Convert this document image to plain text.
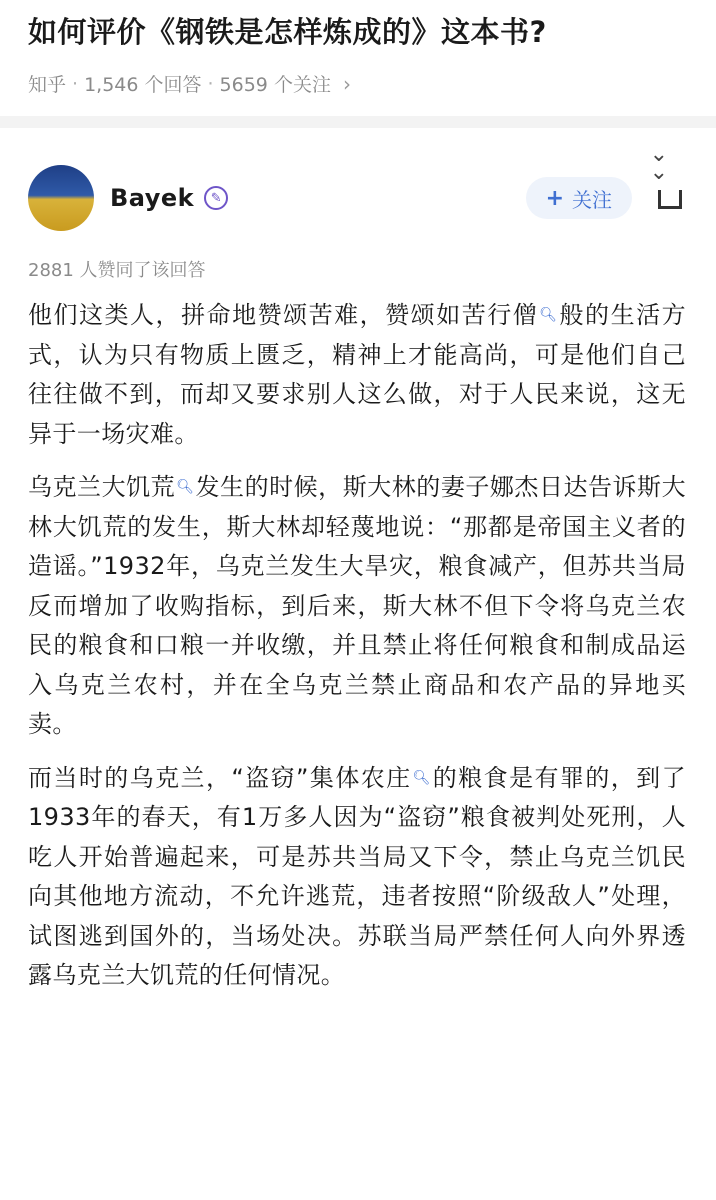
如何评价《钢铁是怎样炼成的》这本书?
知乎 · 1,546 个回答 · 5659 个关注 ›
⌄
⌄
Bayek	✎	+ 关注
2881 人赞同了该回答

他们这类人，拼命地赞颂苦难，赞颂如苦行僧🔍︎般的生活方式，认为只有物质上匮乏，精神上才能高尚，可是他们自己往往做不到，而却又要求别人这么做，对于人民来说，这无异于一场灾难。

乌克兰大饥荒🔍︎发生的时候，斯大林的妻子娜杰日达告诉斯大林大饥荒的发生，斯大林却轻蔑地说：“那都是帝国主义者的造谣。”1932年，乌克兰发生大旱灾，粮食减产，但苏共当局反而增加了收购指标，到后来，斯大林不但下令将乌克兰农民的粮食和口粮一并收缴，并且禁止将任何粮食和制成品运入乌克兰农村，并在全乌克兰禁止商品和农产品的异地买卖。

而当时的乌克兰，“盗窃”集体农庄🔍︎的粮食是有罪的，到了1933年的春天，有1万多人因为“盗窃”粮食被判处死刑，人吃人开始普遍起来，可是苏共当局又下令，禁止乌克兰饥民向其他地方流动，不允许逃荒，违者按照“阶级敌人”处理，试图逃到国外的，当场处决。苏联当局严禁任何人向外界透露乌克兰大饥荒的任何情况。
